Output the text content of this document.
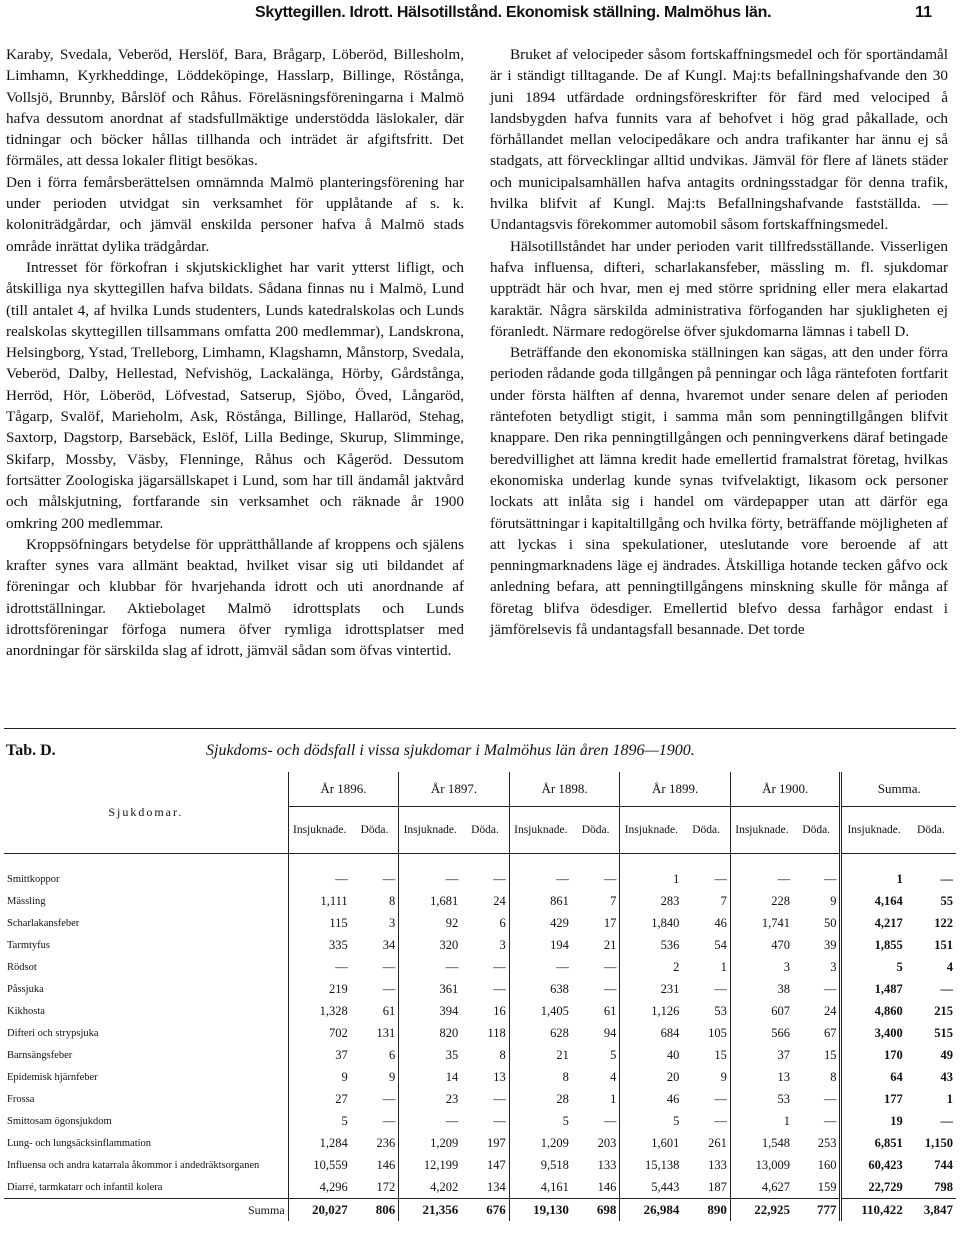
Skyttegillen. Idrott. Hälsotillstånd. Ekonomisk ställning. Malmöhus län.	11

Karaby, Svedala, Veberöd, Herslöf, Bara, Brågarp, Löberöd, Billesholm, Limhamn, Kyrkheddinge, Löddeköpinge, Hasslarp, Billinge, Röstånga, Vollsjö, Brunnby, Bårslöf och Råhus. Föreläsningsföreningarna i Malmö hafva dessutom anordnat af stadsfullmäktige understödda läslokaler, där tidningar och böcker hållas tillhanda och inträdet är afgiftsfritt. Det förmäles, att dessa lokaler flitigt besökas.

Den i förra femårsberättelsen omnämnda Malmö planteringsförening har under perioden utvidgat sin verksamhet för upplåtande af s. k. koloniträdgårdar, och jämväl enskilda personer hafva å Malmö stads område inrättat dylika trädgårdar.

Intresset för förkofran i skjutskicklighet har varit ytterst lifligt, och åtskilliga nya skyttegillen hafva bildats. Sådana finnas nu i Malmö, Lund (till antalet 4, af hvilka Lunds studenters, Lunds katedralskolas och Lunds realskolas skyttegillen tillsammans omfatta 200 medlemmar), Landskrona, Helsingborg, Ystad, Trelleborg, Limhamn, Klagshamn, Månstorp, Svedala, Veberöd, Dalby, Hellestad, Nefvishög, Lackalänga, Hörby, Gårdstånga, Herröd, Hör, Löberöd, Löfvestad, Satserup, Sjöbo, Öved, Långaröd, Tågarp, Svalöf, Marieholm, Ask, Röstånga, Billinge, Hallaröd, Stehag, Saxtorp, Dagstorp, Barsebäck, Eslöf, Lilla Bedinge, Skurup, Slimminge, Skifarp, Mossby, Väsby, Flenninge, Råhus och Kågeröd. Dessutom fortsätter Zoologiska jägarsällskapet i Lund, som har till ändamål jaktvård och målskjutning, fortfarande sin verksamhet och räknade år 1900 omkring 200 medlemmar.

Kroppsöfningars betydelse för upprätthållande af kroppens och själens krafter synes vara allmänt beaktad, hvilket visar sig uti bildandet af föreningar och klubbar för hvarjehanda idrott och uti anordnande af idrottställningar. Aktiebolaget Malmö idrottsplats och Lunds idrottsföreningar förfoga numera öfver rymliga idrottsplatser med anordningar för särskilda slag af idrott, jämväl sådan som öfvas vintertid.

Bruket af velocipeder såsom fortskaffningsmedel och för sportändamål är i ständigt tilltagande. De af Kungl. Maj:ts befallningshafvande den 30 juni 1894 utfärdade ordningsföreskrifter för färd med velociped å landsbygden hafva funnits vara af behofvet i hög grad påkallade, och förhållandet mellan velocipedåkare och andra trafikanter har ännu ej så stadgats, att förvecklingar alltid undvikas. Jämväl för flere af länets städer och municipalsamhällen hafva antagits ordningsstadgar för denna trafik, hvilka blifvit af Kungl. Maj:ts Befallningshafvande fastställda. — Undantagsvis förekommer automobil såsom fortskaffningsmedel.

Hälsotillståndet har under perioden varit tillfredsställande. Visserligen hafva influensa, difteri, scharlakansfeber, mässling m. fl. sjukdomar uppträdt här och hvar, men ej med större spridning eller mera elakartad karaktär. Några särskilda administrativa förfoganden har sjukligheten ej föranledt. Närmare redogörelse öfver sjukdomarna lämnas i tabell D.

Beträffande den ekonomiska ställningen kan sägas, att den under förra perioden rådande goda tillgången på penningar och låga räntefoten fortfarit under första hälften af denna, hvaremot under senare delen af perioden räntefoten betydligt stigit, i samma mån som penningtillgången blifvit knappare. Den rika penningtillgången och penningverkens däraf betingade beredvillighet att lämna kredit hade emellertid framalstrat företag, hvilkas ekonomiska underlag kunde synas tvifvelaktigt, likasom ock personer lockats att inlåta sig i handel om värdepapper utan att därför ega förutsättningar i kapitaltillgång och hvilka förty, beträffande möjligheten af att lyckas i sina spekulationer, uteslutande vore beroende af att penningmarknadens läge ej ändrades. Åtskilliga hotande tecken gåfvo ock anledning befara, att penningtillgångens minskning skulle för många af företag blifva ödesdiger. Emellertid blefvo dessa farhågor endast i jämförelsevis få undantagsfall besannade. Det torde

Tab. D.	Sjukdoms- och dödsfall i vissa sjukdomar i Malmöhus län åren 1896—1900.
Sjukdomar.	År 1896.		År 1897.		År 1898.		År 1899.		År 1900.		Summa.	
	Insjuknade.	Döda.	Insjuknade.	Döda.	Insjuknade.	Döda.	Insjuknade.	Döda.	Insjuknade.	Döda.	Insjuknade.	Döda.
Smittkoppor	—	—	—	—	—	—	1	—	—	—	1	—
Mässling	1,111	8	1,681	24	861	7	283	7	228	9	4,164	55
Scharlakansfeber	115	3	92	6	429	17	1,840	46	1,741	50	4,217	122
Tarmtyfus	335	34	320	3	194	21	536	54	470	39	1,855	151
Rödsot	—	—	—	—	—	—	2	1	3	3	5	4
Påssjuka	219	—	361	—	638	—	231	—	38	—	1,487	—
Kikhosta	1,328	61	394	16	1,405	61	1,126	53	607	24	4,860	215
Difteri och strypsjuka	702	131	820	118	628	94	684	105	566	67	3,400	515
Barnsängsfeber	37	6	35	8	21	5	40	15	37	15	170	49
Epidemisk hjärnfeber	9	9	14	13	8	4	20	9	13	8	64	43
Frossa	27	—	23	—	28	1	46	—	53	—	177	1
Smittosam ögonsjukdom	5	—	—	—	5	—	5	—	1	—	19	—
Lung- och lungsäcksinflammation	1,284	236	1,209	197	1,209	203	1,601	261	1,548	253	6,851	1,150
Influensa och andra katarrala åkommor i andedräktsorganen	10,559	146	12,199	147	9,518	133	15,138	133	13,009	160	60,423	744
Diarré, tarmkatarr och infantil kolera	4,296	172	4,202	134	4,161	146	5,443	187	4,627	159	22,729	798
Summa	20,027	806	21,356	676	19,130	698	26,984	890	22,925	777	110,422	3,847
